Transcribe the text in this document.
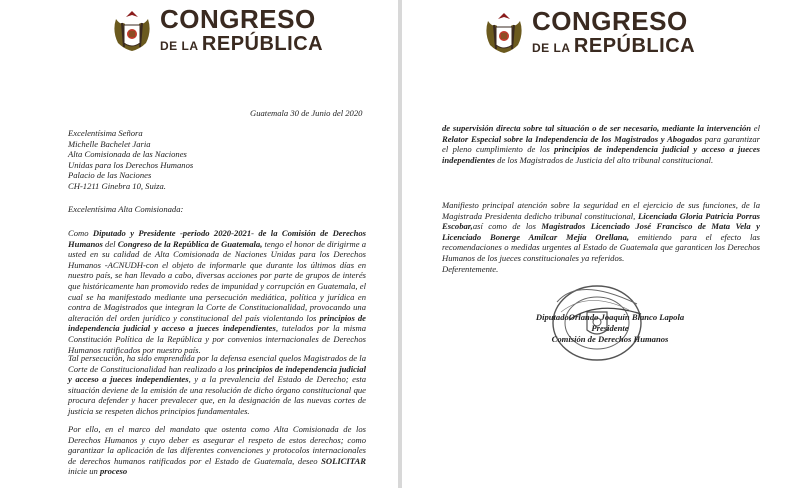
CONGRESO
DE LA REPÚBLICA
Guatemala 30 de Junio del 2020
Excelentísima Señora
Michelle Bachelet Jaria
Alta Comisionada de las Naciones
Unidas para los Derechos Humanos
Palacio de las Naciones
CH-1211 Ginebra 10, Suiza.
Excelentísima Alta Comisionada:
Como Diputado y Presidente -periodo 2020-2021- de la Comisión de Derechos Humanos del Congreso de la República de Guatemala, tengo el honor de dirigirme a usted en su calidad de Alta Comisionada de Naciones Unidas para los Derechos Humanos -ACNUDH-con el objeto de informarle que durante los últimos días en nuestro país, se han llevado a cabo, diversas acciones por parte de grupos de interés que históricamente han promovido redes de impunidad y corrupción en Guatemala, el cual se ha manifestado mediante una persecución mediática, política y jurídica en contra de Magistrados que integran la Corte de Constitucionalidad, provocando una alteración del orden jurídico y constitucional del país violentando los principios de independencia judicial y acceso a jueces independientes, tutelados por la misma Constitución Política de la República y por convenios internacionales de Derechos Humanos ratificados por nuestro país.
Tal persecución, ha sido emprendida por la defensa esencial quelos Magistrados de la Corte de Constitucionalidad han realizado a los principios de independencia judicial y acceso a jueces independientes, y a la prevalencia del Estado de Derecho; esta situación deviene de la emisión de una resolución de dicho órgano constitucional que procura defender y hacer prevalecer que, en la designación de las nuevas cortes de justicia se respeten dichos principios fundamentales.
Por ello, en el marco del mandato que ostenta como Alta Comisionada de los Derechos Humanos y cuyo deber es asegurar el respeto de estos derechos; como garantizar la aplicación de las diferentes convenciones y protocolos internacionales de derechos humanos ratificados por el Estado de Guatemala, deseo SOLICITAR inicie un proceso
CONGRESO
DE LA REPÚBLICA
de supervisión directa sobre tal situación o de ser necesario, mediante la intervención el Relator Especial sobre la Independencia de los Magistrados y Abogados para garantizar el pleno cumplimiento de los principios de independencia judicial y acceso a jueces independientes de los Magistrados de Justicia del alto tribunal constitucional.
Manifiesto principal atención sobre la seguridad en el ejercicio de sus funciones, de la Magistrada Presidenta dedicho tribunal constitucional, Licenciada Gloria Patricia Porras Escobar,así como de los Magistrados Licenciado José Francisco de Mata Vela y Licenciado Bonerge Amílcar Mejía Orellana, emitiendo para el efecto las recomendaciones o medidas urgentes al Estado de Guatemala que garanticen los Derechos Humanos de los jueces constitucionales ya referidos.
Deferentemente.
DiputadoOrlando Joaquín Blanco Lapola
Presidente
Comisión de Derechos Humanos
